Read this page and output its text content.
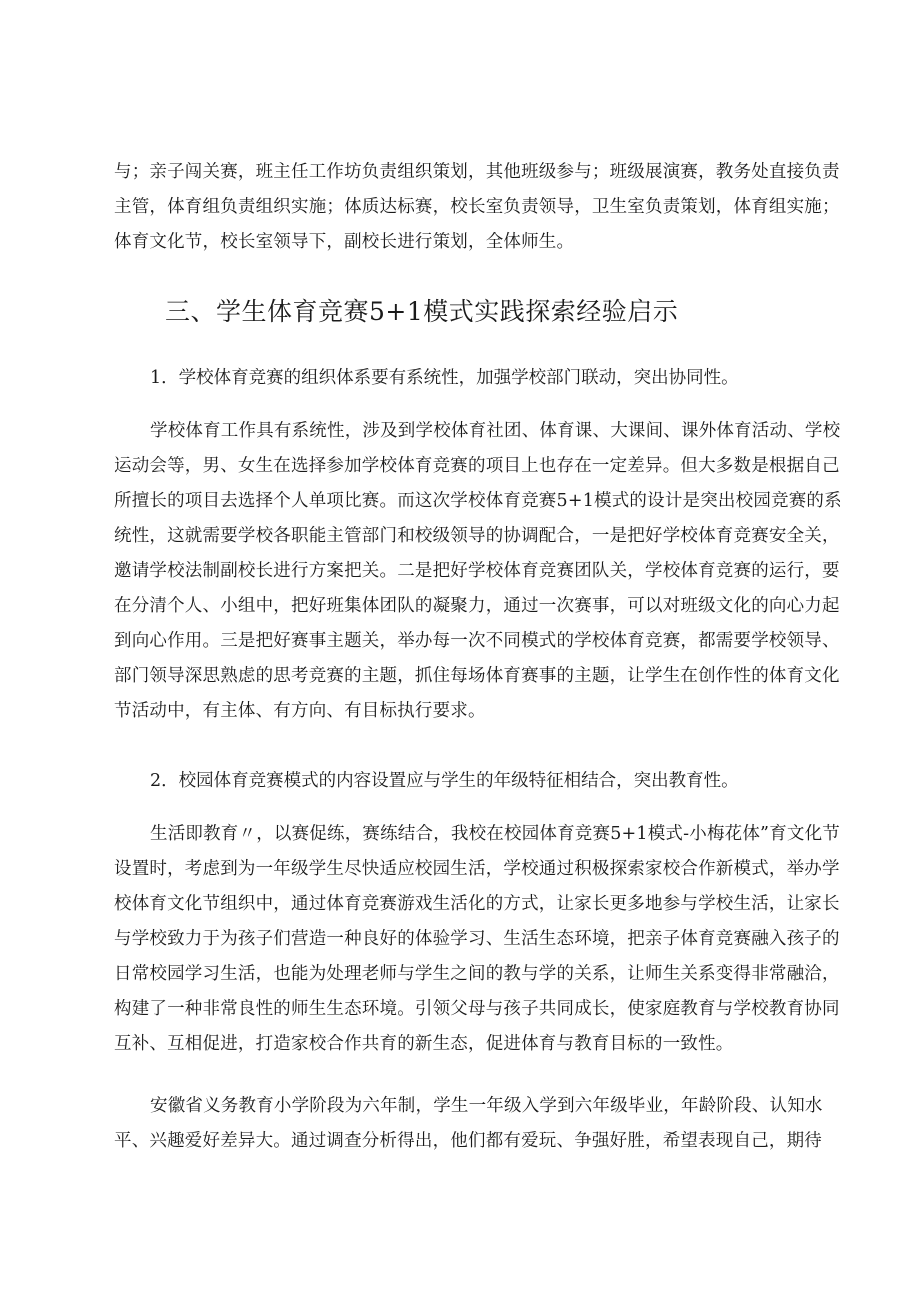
与；亲子闯关赛，班主任工作坊负责组织策划，其他班级参与；班级展演赛，教务处直接负责
主管，体育组负责组织实施；体质达标赛，校长室负责领导，卫生室负责策划，体育组实施；
体育文化节，校长室领导下，副校长进行策划，全体师生。
三、学生体育竞赛5+1模式实践探索经验启示
1．学校体育竞赛的组织体系要有系统性，加强学校部门联动，突出协同性。
学校体育工作具有系统性，涉及到学校体育社团、体育课、大课间、课外体育活动、学校
运动会等，男、女生在选择参加学校体育竞赛的项目上也存在一定差异。但大多数是根据自己
所擅长的项目去选择个人单项比赛。而这次学校体育竞赛5+1模式的设计是突出校园竞赛的系
统性，这就需要学校各职能主管部门和校级领导的协调配合，一是把好学校体育竞赛安全关，
邀请学校法制副校长进行方案把关。二是把好学校体育竞赛团队关，学校体育竞赛的运行，要
在分清个人、小组中，把好班集体团队的凝聚力，通过一次赛事，可以对班级文化的向心力起
到向心作用。三是把好赛事主题关，举办每一次不同模式的学校体育竞赛，都需要学校领导、
部门领导深思熟虑的思考竞赛的主题，抓住每场体育赛事的主题，让学生在创作性的体育文化
节活动中，有主体、有方向、有目标执行要求。
2．校园体育竞赛模式的内容设置应与学生的年级特征相结合，突出教育性。
生活即教育〃，以赛促练，赛练结合，我校在校园体育竞赛5+1模式-小梅花体”育文化节
设置时，考虑到为一年级学生尽快适应校园生活，学校通过积极探索家校合作新模式，举办学
校体育文化节组织中，通过体育竞赛游戏生活化的方式，让家长更多地参与学校生活，让家长
与学校致力于为孩子们营造一种良好的体验学习、生活生态环境，把亲子体育竞赛融入孩子的
日常校园学习生活，也能为处理老师与学生之间的教与学的关系，让师生关系变得非常融洽，
构建了一种非常良性的师生生态环境。引领父母与孩子共同成长，使家庭教育与学校教育协同
互补、互相促进，打造家校合作共育的新生态，促进体育与教育目标的一致性。
安徽省义务教育小学阶段为六年制，学生一年级入学到六年级毕业，年龄阶段、认知水
平、兴趣爱好差异大。通过调查分析得出，他们都有爱玩、争强好胜，希望表现自己，期待
